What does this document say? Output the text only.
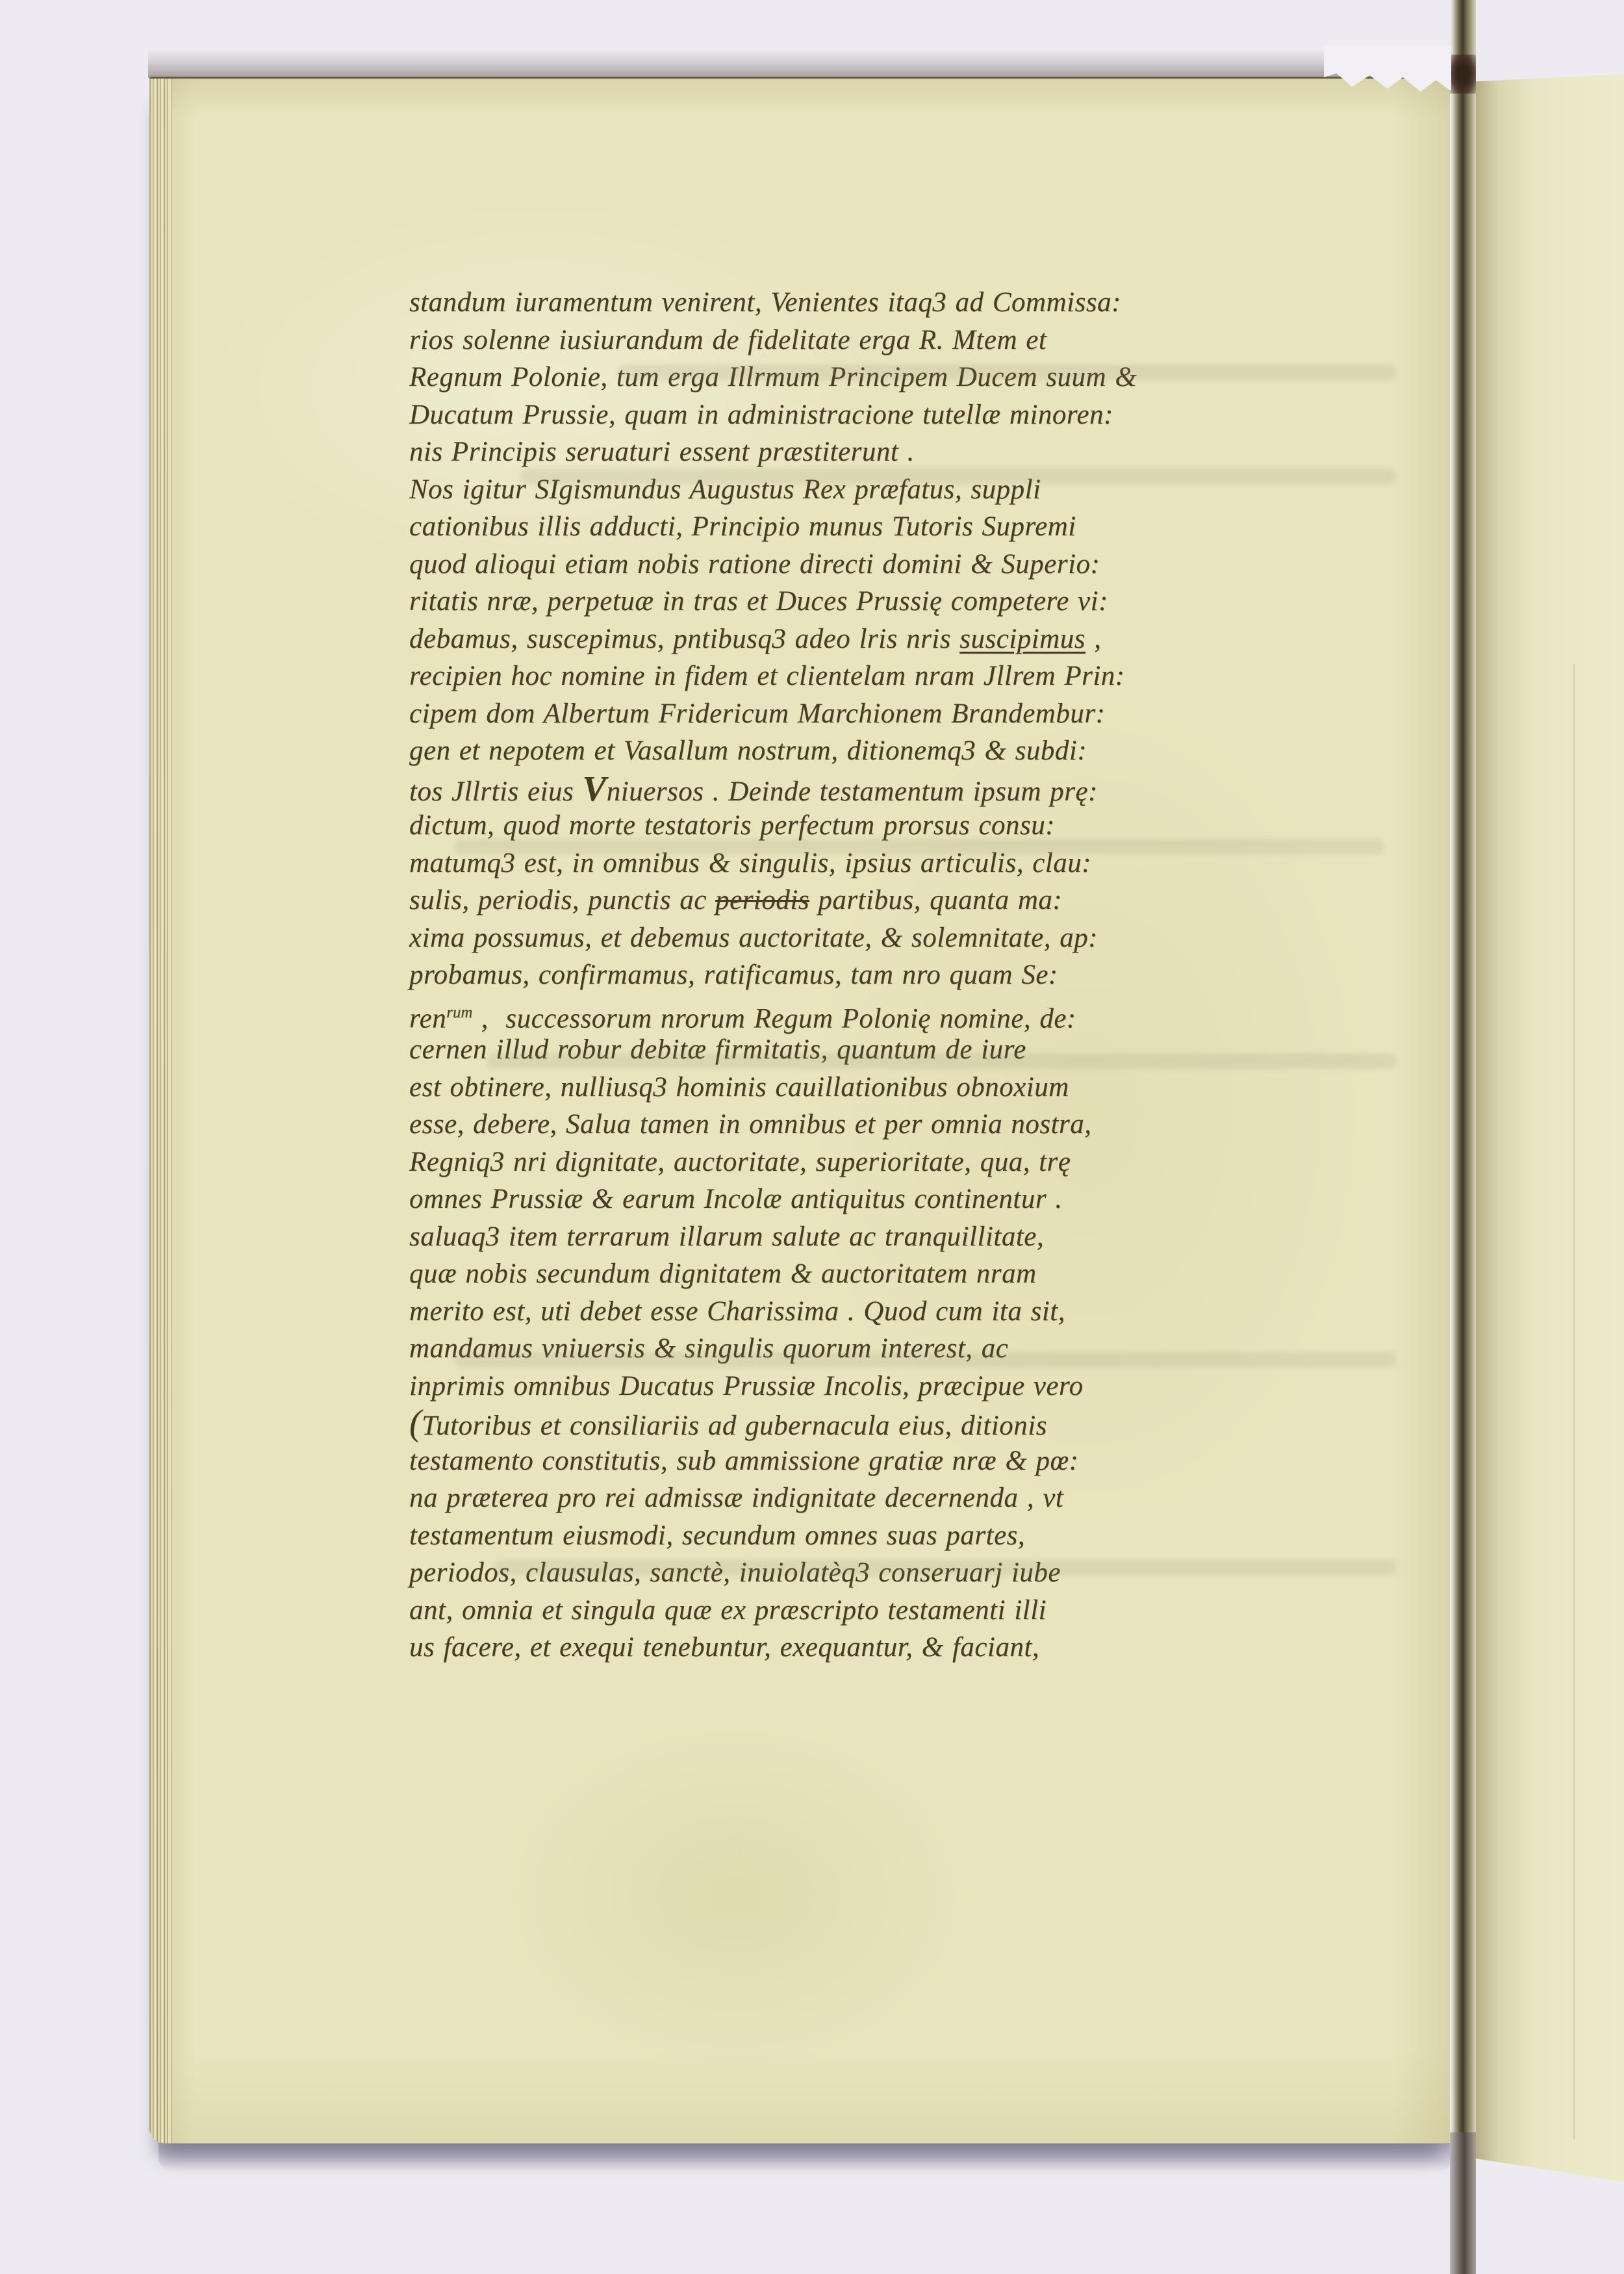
standum iuramentum venirent, Venientes itaq3 ad Commissa:
rios solenne iusiurandum de fidelitate erga R. Mtem et
Regnum Polonie, tum erga Illrmum Principem Ducem suum &
Ducatum Prussie, quam in administracione tutellæ minoren:
nis Principis seruaturi essent præstiterunt .
Nos igitur SIgismundus Augustus Rex præfatus, suppli
cationibus illis adducti, Principio munus Tutoris Supremi
quod alioqui etiam nobis ratione directi domini & Superio:
ritatis nræ, perpetuæ in tras et Duces Prussię competere vi:
debamus, suscepimus, pntibusq3 adeo lris nris suscipimus ,
recipien hoc nomine in fidem et clientelam nram Jllrem Prin:
cipem dom Albertum Fridericum Marchionem Brandembur:
gen et nepotem et Vasallum nostrum, ditionemq3 & subdi:
tos Jllrtis eius Vniuersos . Deinde testamentum ipsum prę:
dictum, quod morte testatoris perfectum prorsus consu:
matumq3 est, in omnibus & singulis, ipsius articulis, clau:
sulis, periodis, punctis ac periodis partibus, quanta ma:
xima possumus, et debemus auctoritate, & solemnitate, ap:
probamus, confirmamus, ratificamus, tam nro quam Se:
ren$^{rum}$ ,  successorum nrorum Regum Polonię nomine, de:
cernen illud robur debitæ firmitatis, quantum de iure
est obtinere, nulliusq3 hominis cauillationibus obnoxium
esse, debere, Salua tamen in omnibus et per omnia nostra,
Regniq3 nri dignitate, auctoritate, superioritate, qua, trę
omnes Prussiæ & earum Incolæ antiquitus continentur .
saluaq3 item terrarum illarum salute ac tranquillitate,
quæ nobis secundum dignitatem & auctoritatem nram
merito est, uti debet esse Charissima . Quod cum ita sit,
mandamus vniuersis & singulis quorum interest, ac
inprimis omnibus Ducatus Prussiæ Incolis, præcipue vero
(Tutoribus et consiliariis ad gubernacula eius, ditionis
testamento constitutis, sub ammissione gratiæ nræ & pœ:
na præterea pro rei admissæ indignitate decernenda , vt
testamentum eiusmodi, secundum omnes suas partes,
periodos, clausulas, sanctè, inuiolatèq3 conseruarj iube
ant, omnia et singula quæ ex præscripto testamenti illi
us facere, et exequi tenebuntur, exequantur, & faciant,
